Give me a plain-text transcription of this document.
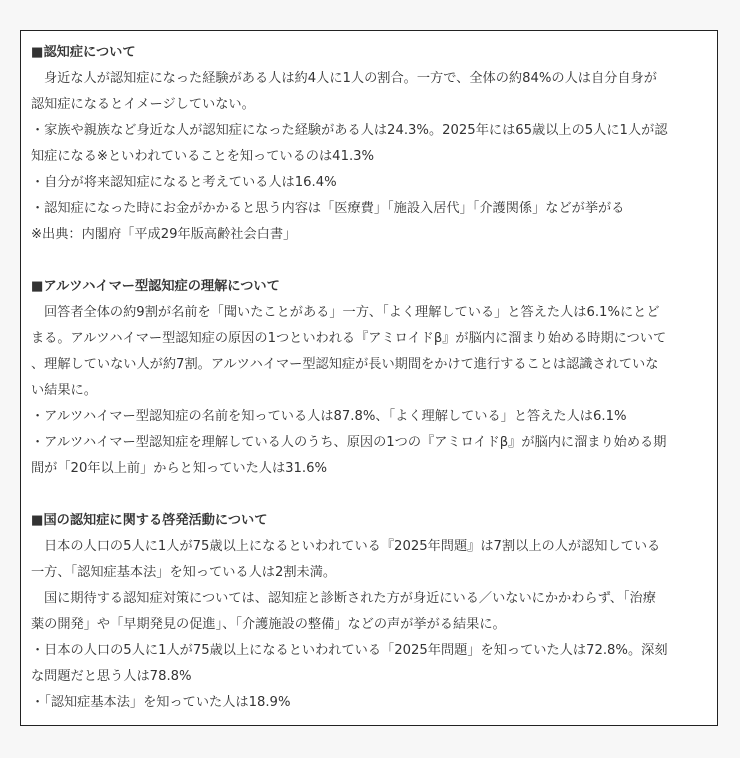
■認知症について
身近な人が認知症になった経験がある人は約4人に1人の割合。一方で、全体の約84%の人は自分自身が
認知症になるとイメージしていない。
・家族や親族など身近な人が認知症になった経験がある人は24.3%。2025年には65歳以上の5人に1人が認
知症になる※といわれていることを知っているのは41.3%
・自分が将来認知症になると考えている人は16.4%
・認知症になった時にお金がかかると思う内容は「医療費」「施設入居代」「介護関係」などが挙がる
※出典：内閣府「平成29年版高齢社会白書」
■アルツハイマー型認知症の理解について
回答者全体の約9割が名前を「聞いたことがある」一方、「よく理解している」と答えた人は6.1%にとど
まる。アルツハイマー型認知症の原因の1つといわれる『アミロイドβ』が脳内に溜まり始める時期について
、理解していない人が約7割。アルツハイマー型認知症が長い期間をかけて進行することは認識されていな
い結果に。
・アルツハイマー型認知症の名前を知っている人は87.8%、「よく理解している」と答えた人は6.1%
・アルツハイマー型認知症を理解している人のうち、原因の1つの『アミロイドβ』が脳内に溜まり始める期
間が「20年以上前」からと知っていた人は31.6%
■国の認知症に関する啓発活動について
日本の人口の5人に1人が75歳以上になるといわれている『2025年問題』は7割以上の人が認知している
一方、「認知症基本法」を知っている人は2割未満。
国に期待する認知症対策については、認知症と診断された方が身近にいる／いないにかかわらず、「治療
薬の開発」や「早期発見の促進」、「介護施設の整備」などの声が挙がる結果に。
・日本の人口の5人に1人が75歳以上になるといわれている「2025年問題」を知っていた人は72.8%。深刻
な問題だと思う人は78.8%
・「認知症基本法」を知っていた人は18.9%
